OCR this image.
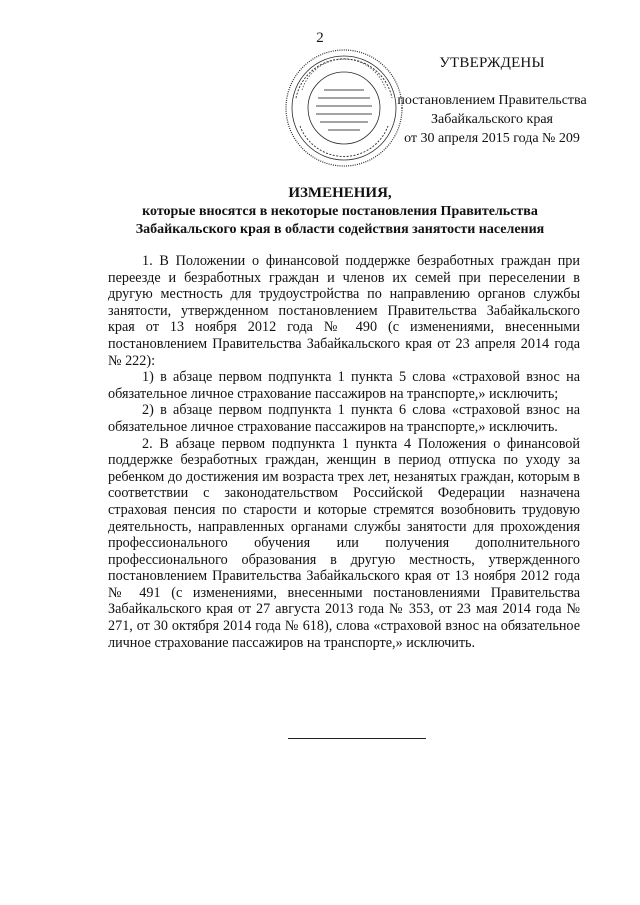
2
УТВЕРЖДЕНЫ
постановлением Правительства
Забайкальского края
от 30 апреля 2015 года № 209
ИЗМЕНЕНИЯ,
которые вносятся в некоторые постановления Правительства
Забайкальского края в области содействия занятости населения

1. В Положении о финансовой поддержке безработных граждан при переезде и безработных граждан и членов их семей при переселении в другую местность для трудоустройства по направлению органов службы занятости, утвержденном постановлением Правительства Забайкальского края от 13 ноября 2012 года № 490 (с изменениями, внесенными постановлением Правительства Забайкальского края от 23 апреля 2014 года № 222):

1) в абзаце первом подпункта 1 пункта 5 слова «страховой взнос на обязательное личное страхование пассажиров на транспорте,» исключить;

2) в абзаце первом подпункта 1 пункта 6 слова «страховой взнос на обязательное личное страхование пассажиров на транспорте,» исключить.

2. В абзаце первом подпункта 1 пункта 4 Положения о финансовой поддержке безработных граждан, женщин в период отпуска по уходу за ребенком до достижения им возраста трех лет, незанятых граждан, которым в соответствии с законодательством Российской Федерации назначена страховая пенсия по старости и которые стремятся возобновить трудовую деятельность, направленных органами службы занятости для прохождения профессионального обучения или получения дополнительного профессионального образования в другую местность, утвержденного постановлением Правительства Забайкальского края от 13 ноября 2012 года № 491 (с изменениями, внесенными постановлениями Правительства Забайкальского края от 27 августа 2013 года № 353, от 23 мая 2014 года № 271, от 30 октября 2014 года № 618), слова «страховой взнос на обязательное личное страхование пассажиров на транспорте,» исключить.
